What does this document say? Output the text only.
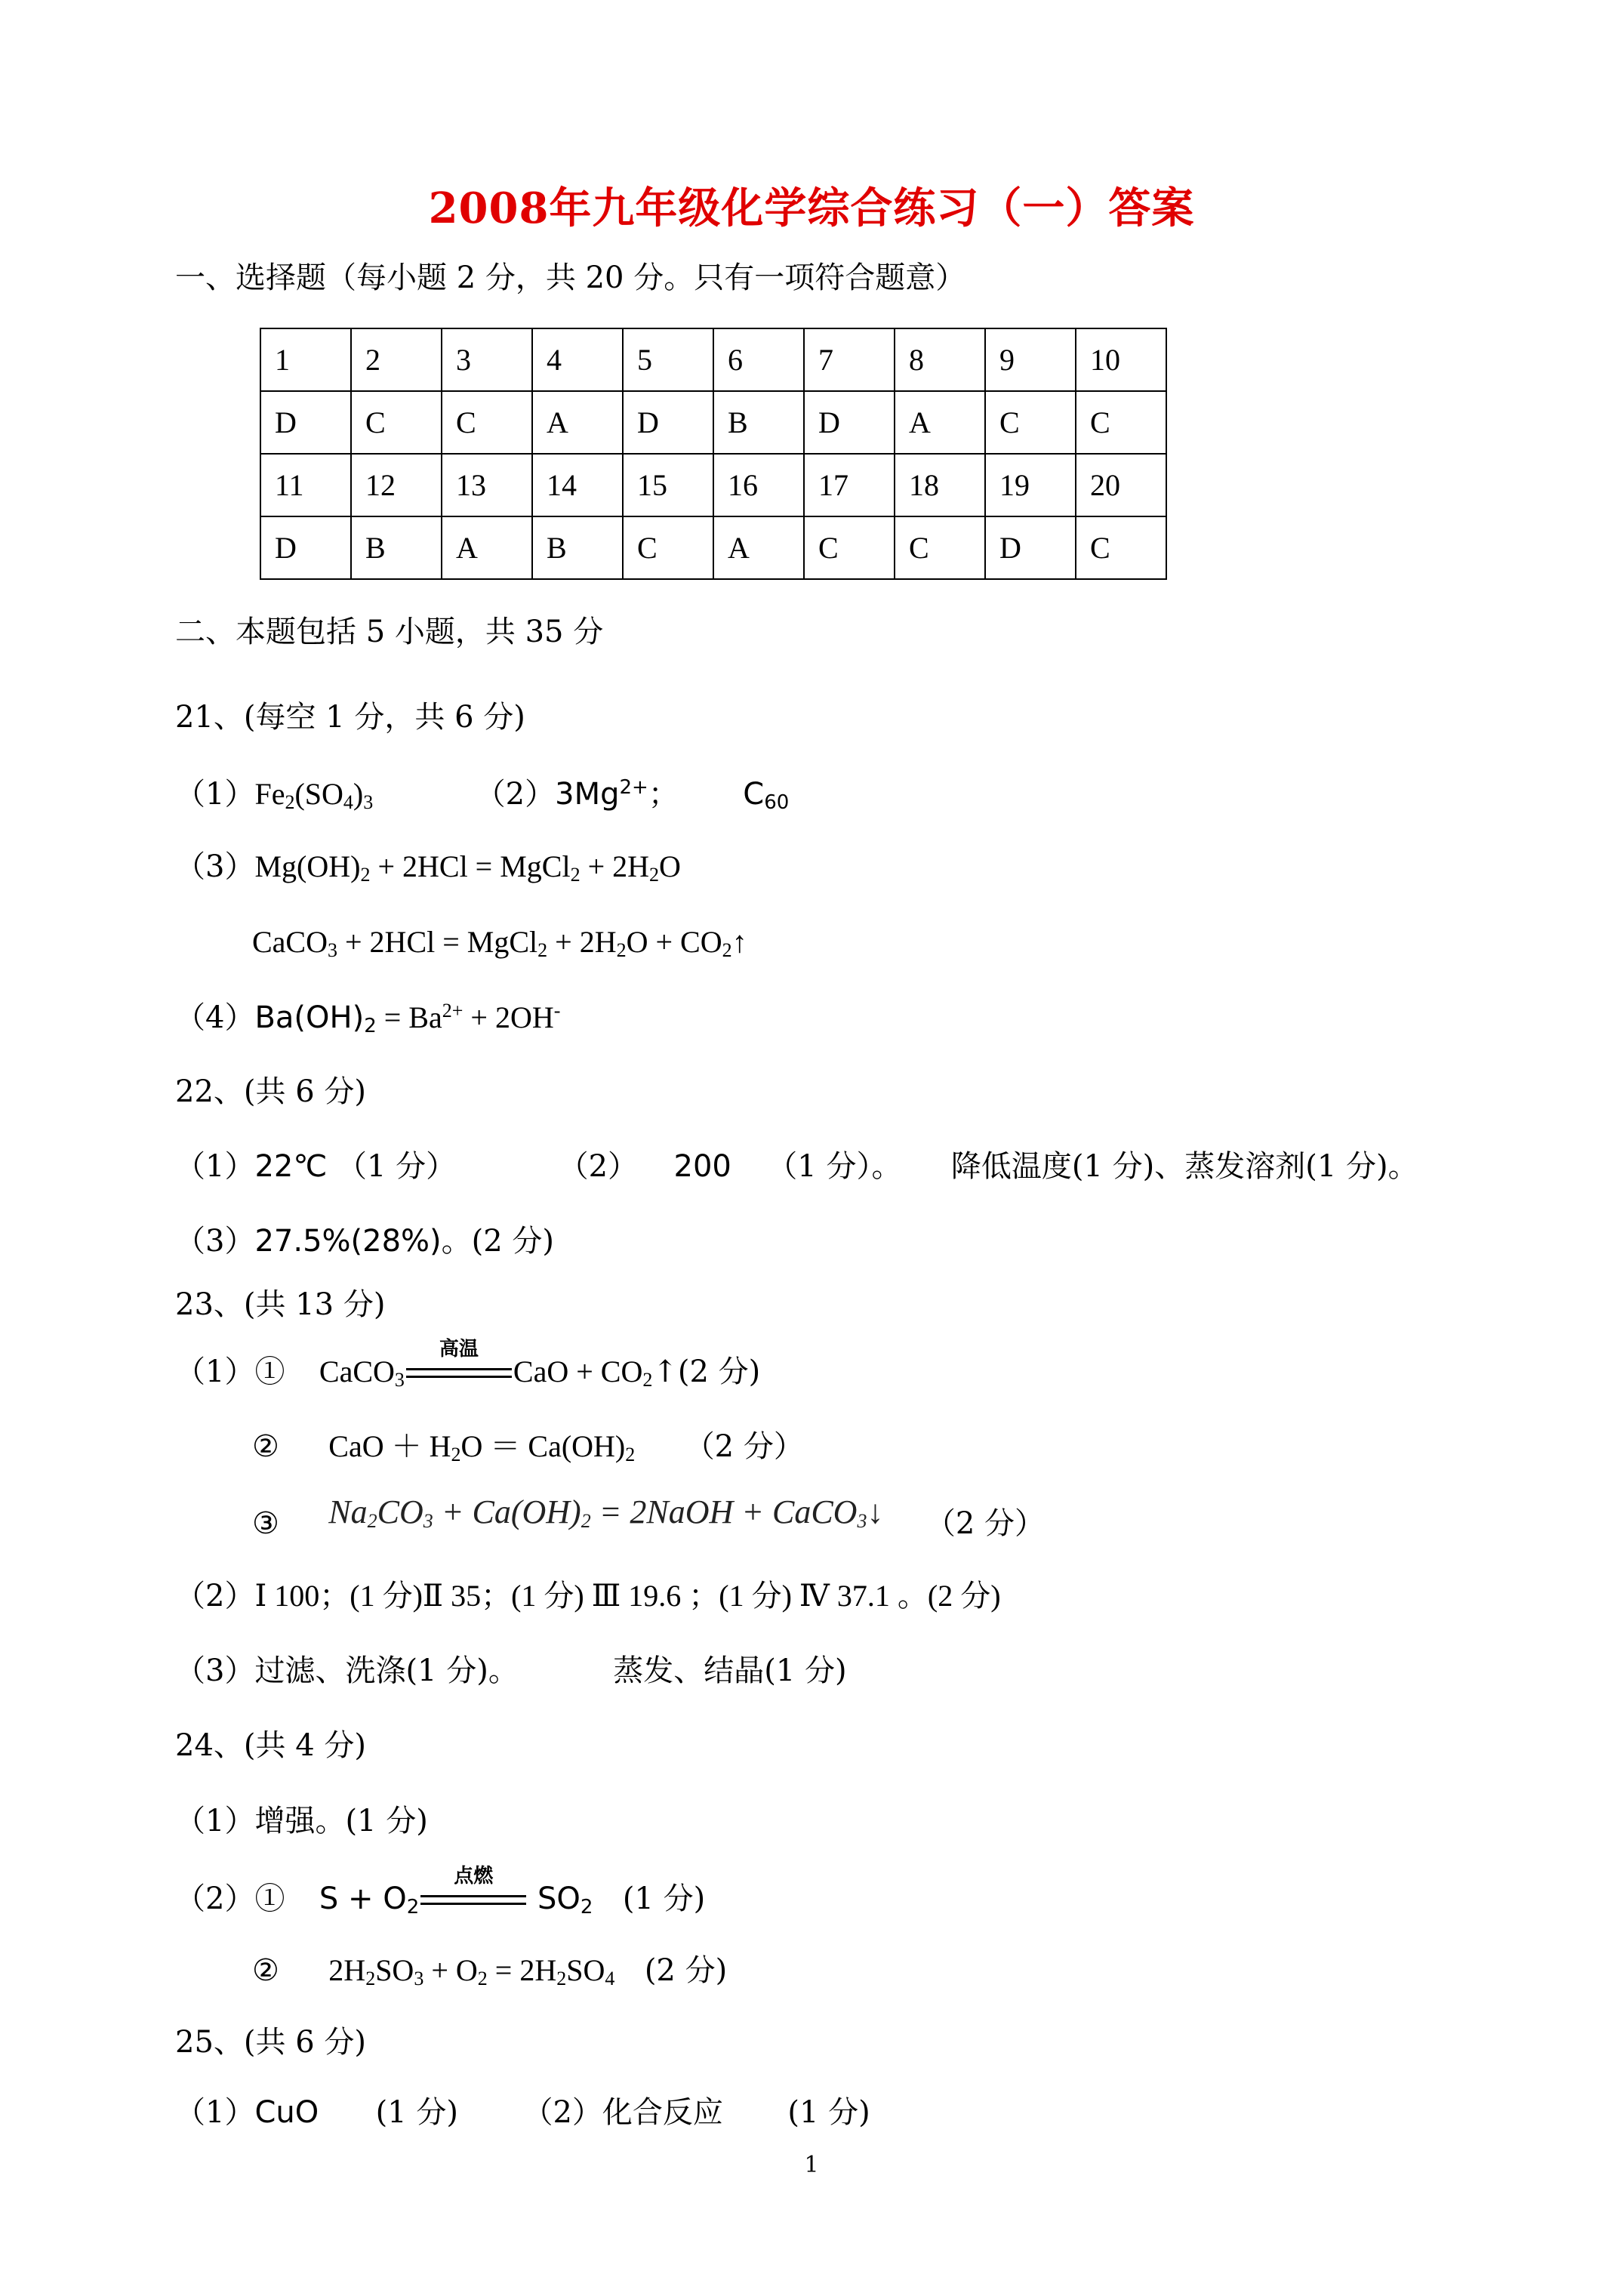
2008年九年级化学综合练习（一）答案
一、选择题（每小题 2 分，共 20 分。只有一项符合题意）
1	2	3	4	5	6	7	8	9	10
D	C	C	A	D	B	D	A	C	C
11	12	13	14	15	16	17	18	19	20
D	B	A	B	C	A	C	C	D	C
二、本题包括 5 小题，共 35 分
21、(每空 1 分，共 6 分)
$(1)Fe_2(SO_4)_3$	$(2)3Mg^{2+}$； $C_{60}$
$(3)Mg(OH)_2 + 2HCl$ = MgCl$_2$ + $2H_2O$
CaCO$_3$ + 2HCl = MgCl$_2$ + $2H_2O$ + $CO_2↑$
$(4)Ba(OH)_2 = Ba^{2+} + 2OH^-$
22、(共 6 分)
（1）22℃ （1 分）	（2） 200 （1 分）。 降低温度(1 分)、蒸发溶剂(1 分)。
（3）27.5%(28%)。(2 分)
23、(共 13 分)
（1）① CaCO$_3$
高温
CaO + $CO_2↑(2$ 分)
② CaO ＋ $H_2O = Ca(OH)_2$ （2 分）
③ $Na_2CO_3 + Ca(OH)_2$ = 2NaOH + CaCO$_3$↓ （2 分）
（2）Ⅰ 100；(1 分)Ⅱ 35；(1 分) Ⅲ 19.6 ；(1 分) Ⅳ 37.1 。(2 分)
（3）过滤、洗涤(1 分)。	蒸发、结晶(1 分)
24、(共 4 分)
（1）增强。(1 分)
（2）① $S + O_2$
点燃
$SO_2$ (1 分)
② $2H_2SO_3 + O_2 = 2H_2SO_4$ (2 分)
25、(共 6 分)
（1）CuO (1 分) （2）化合反应 (1 分)
1
